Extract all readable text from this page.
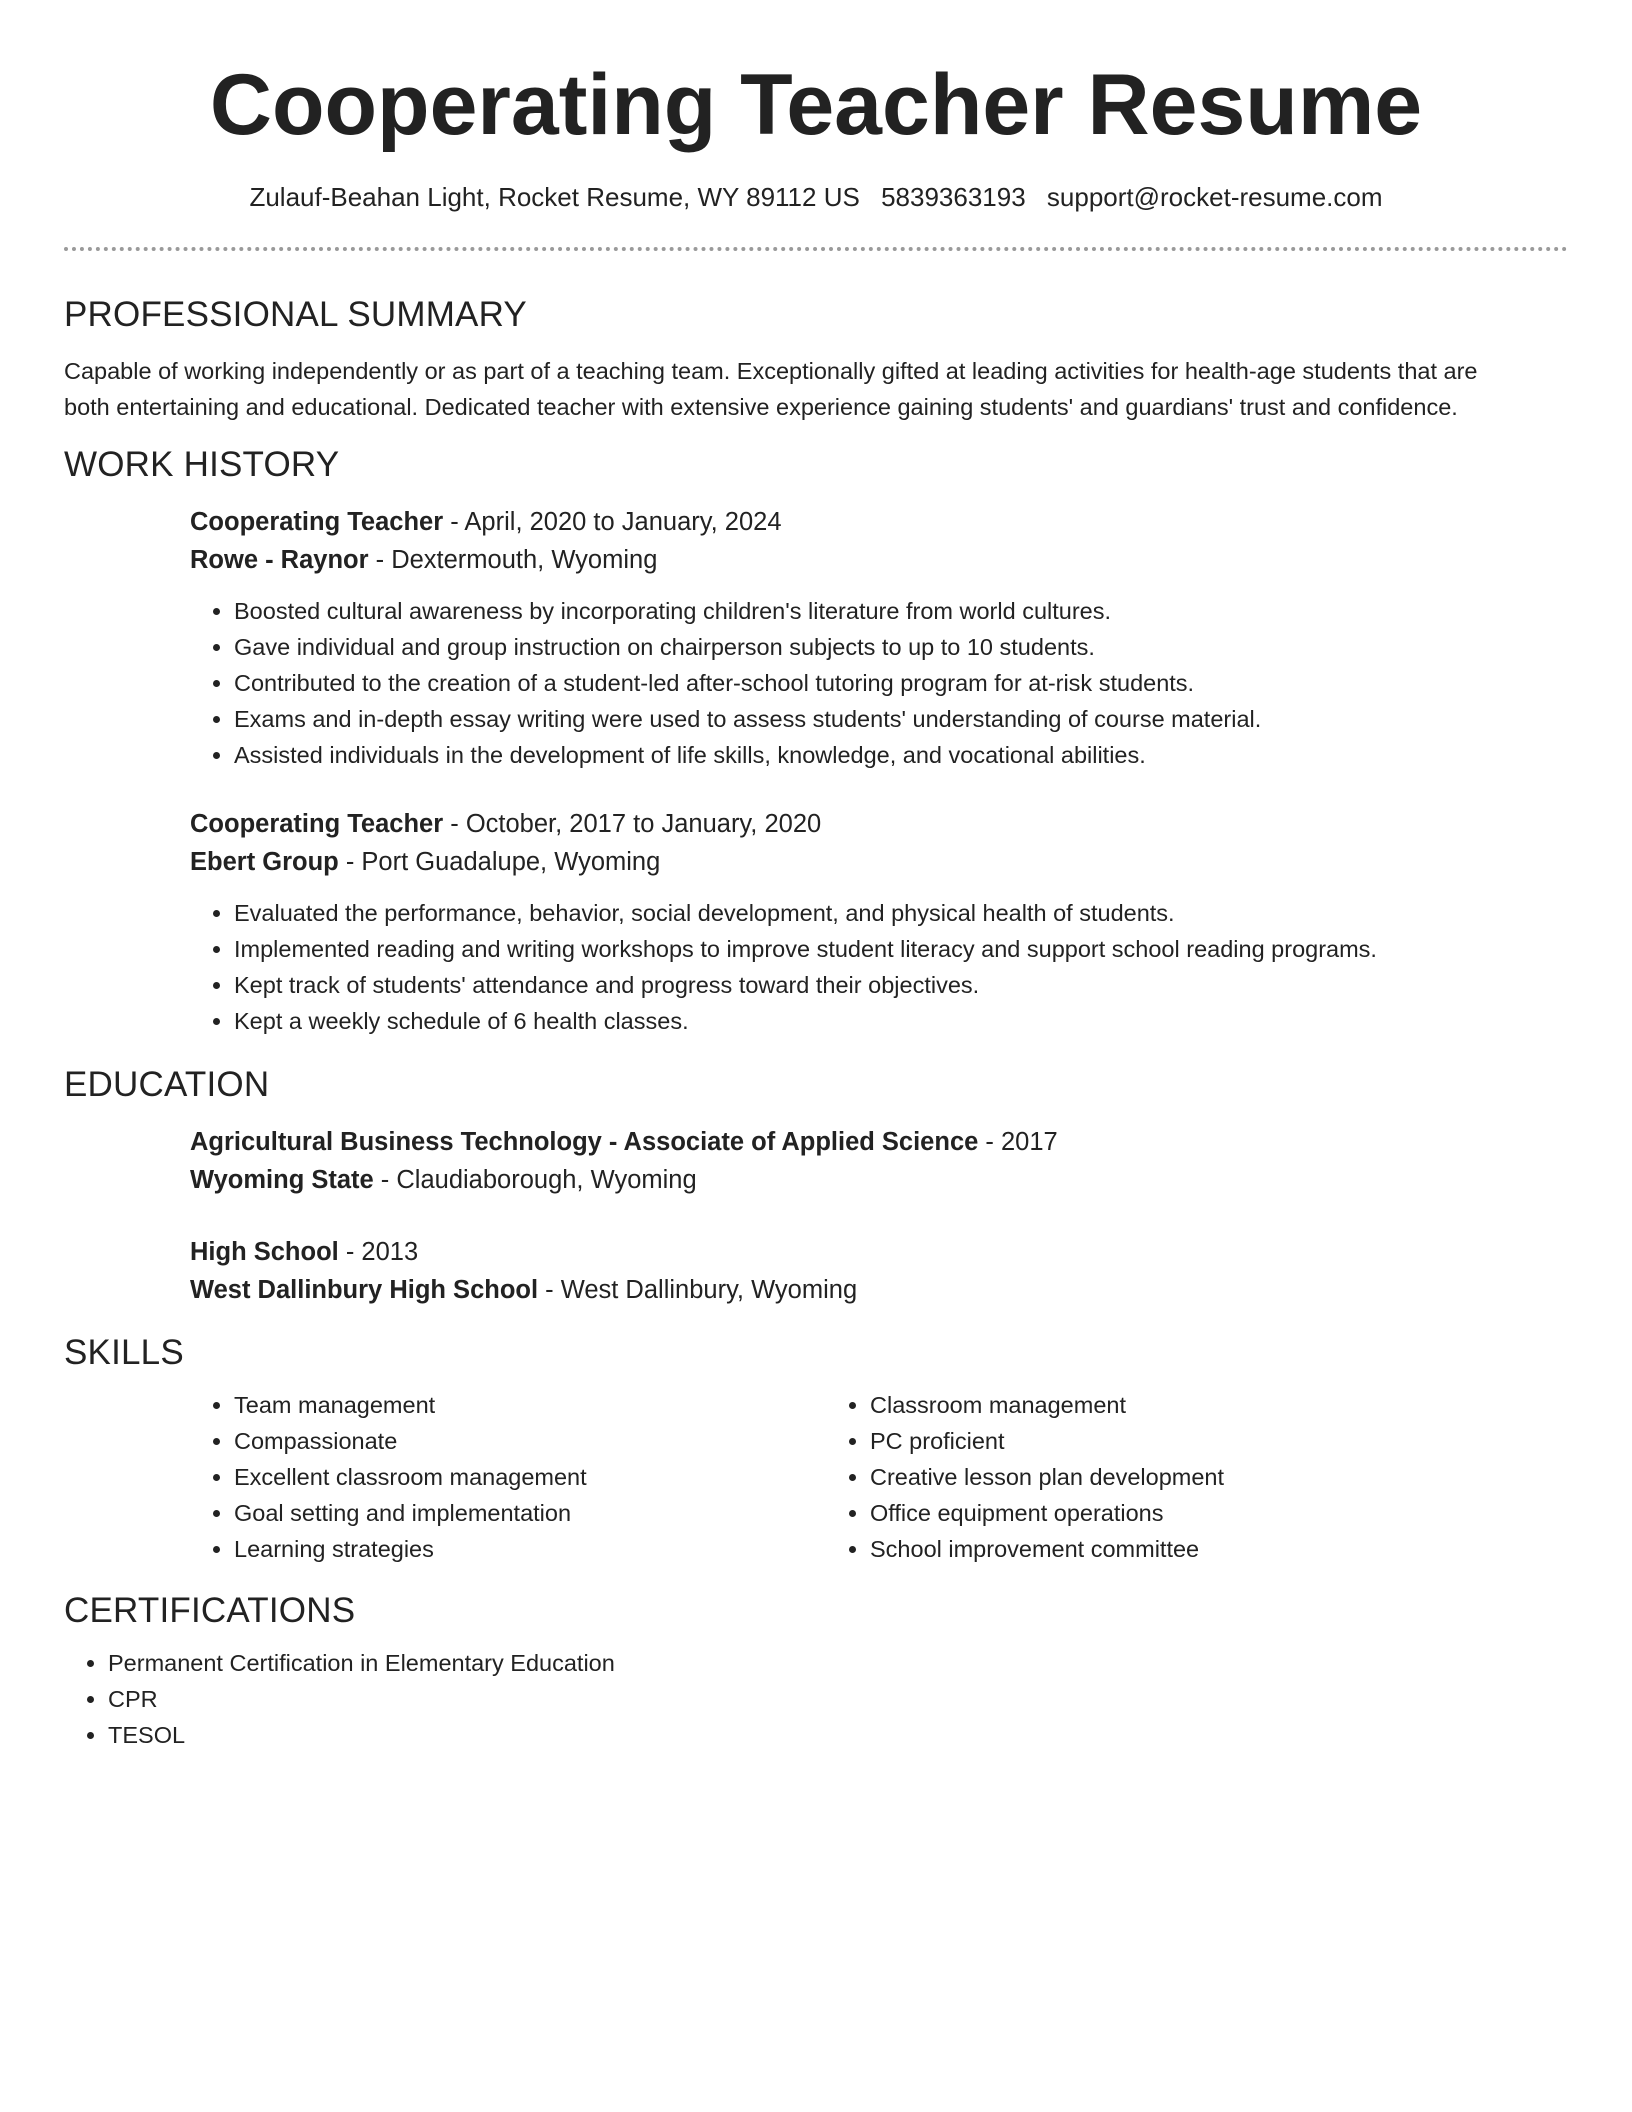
Cooperating Teacher Resume
Zulauf-Beahan Light, Rocket Resume, WY 89112 US 5839363193 support@rocket-resume.com
PROFESSIONAL SUMMARY

Capable of working independently or as part of a teaching team. Exceptionally gifted at leading activities for health-age students that are both entertaining and educational. Dedicated teacher with extensive experience gaining students' and guardians' trust and confidence.

WORK HISTORY
Cooperating Teacher - April, 2020 to January, 2024
Rowe - Raynor - Dextermouth, Wyoming
• Boosted cultural awareness by incorporating children's literature from world cultures.
• Gave individual and group instruction on chairperson subjects to up to 10 students.
• Contributed to the creation of a student-led after-school tutoring program for at-risk students.
• Exams and in-depth essay writing were used to assess students' understanding of course material.
• Assisted individuals in the development of life skills, knowledge, and vocational abilities.
Cooperating Teacher - October, 2017 to January, 2020
Ebert Group - Port Guadalupe, Wyoming
• Evaluated the performance, behavior, social development, and physical health of students.
• Implemented reading and writing workshops to improve student literacy and support school reading programs.
• Kept track of students' attendance and progress toward their objectives.
• Kept a weekly schedule of 6 health classes.
EDUCATION
Agricultural Business Technology - Associate of Applied Science - 2017
Wyoming State - Claudiaborough, Wyoming
High School - 2013
West Dallinbury High School - West Dallinbury, Wyoming
SKILLS
• Team management
• Compassionate
• Excellent classroom management
• Goal setting and implementation
• Learning strategies
• Classroom management
• PC proficient
• Creative lesson plan development
• Office equipment operations
• School improvement committee
CERTIFICATIONS
• Permanent Certification in Elementary Education
• CPR
• TESOL
